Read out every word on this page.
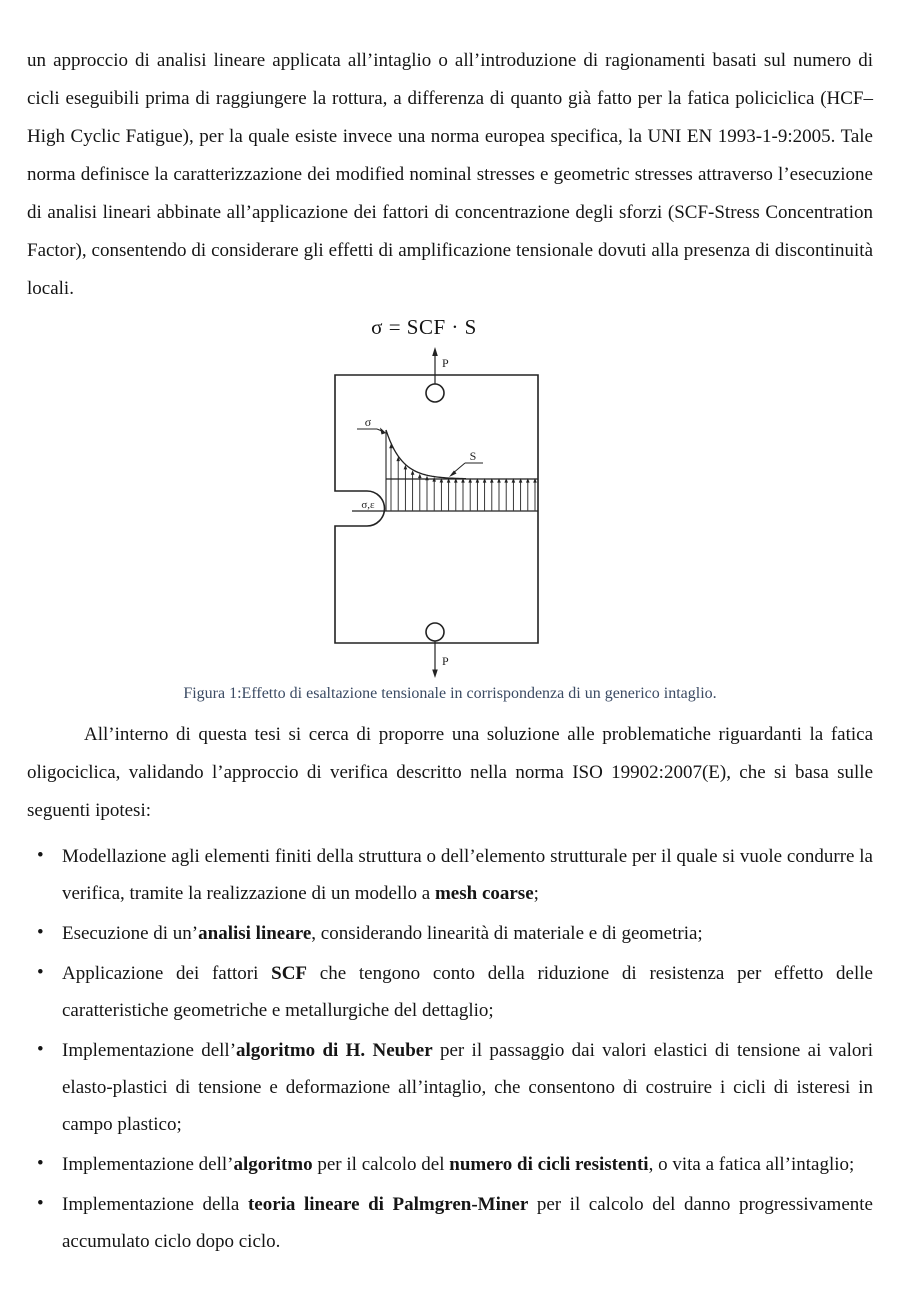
un approccio di analisi lineare applicata all’intaglio o all’introduzione di ragionamenti basati sul numero di cicli eseguibili prima di raggiungere la rottura, a differenza di quanto già fatto per la fatica policiclica (HCF–High Cyclic Fatigue), per la quale esiste invece una norma europea specifica, la UNI EN 1993-1-9:2005. Tale norma definisce la caratterizzazione dei modified nominal stresses e geometric stresses attraverso l’esecuzione di analisi lineari abbinate all’applicazione dei fattori di concentrazione degli sforzi (SCF-Stress Concentration Factor), consentendo di considerare gli effetti di amplificazione tensionale dovuti alla presenza di discontinuità locali.

σ = SCF · S
P
P
σ
S
σ,ε
Figura 1:Effetto di esaltazione tensionale in corrispondenza di un generico intaglio.

All’interno di questa tesi si cerca di proporre una soluzione alle problematiche riguardanti la fatica oligociclica, validando l’approccio di verifica descritto nella norma ISO 19902:2007(E), che si basa sulle seguenti ipotesi:

• Modellazione agli elementi finiti della struttura o dell’elemento strutturale per il quale si vuole condurre la verifica, tramite la realizzazione di un modello a mesh coarse;
• Esecuzione di un’analisi lineare, considerando linearità di materiale e di geometria;
• Applicazione dei fattori SCF che tengono conto della riduzione di resistenza per effetto delle caratteristiche geometriche e metallurgiche del dettaglio;
• Implementazione dell’algoritmo di H. Neuber per il passaggio dai valori elastici di tensione ai valori elasto-plastici di tensione e deformazione all’intaglio, che consentono di costruire i cicli di isteresi in campo plastico;
• Implementazione dell’algoritmo per il calcolo del numero di cicli resistenti, o vita a fatica all’intaglio;
• Implementazione della teoria lineare di Palmgren-Miner per il calcolo del danno progressivamente accumulato ciclo dopo ciclo.
